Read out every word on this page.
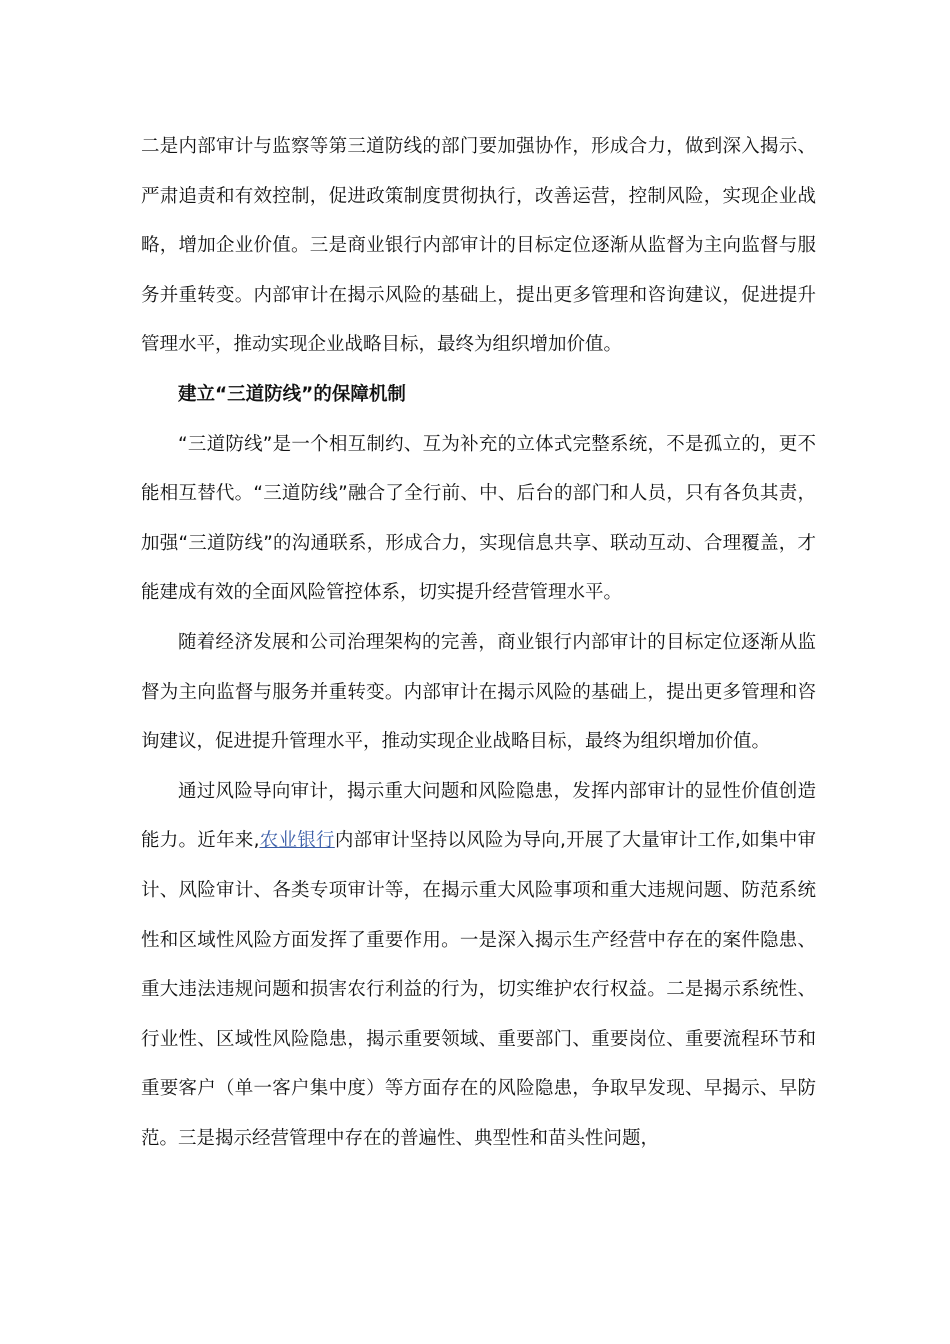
二是内部审计与监察等第三道防线的部门要加强协作，形成合力，做到深入揭示、严肃追责和有效控制，促进政策制度贯彻执行，改善运营，控制风险，实现企业战略，增加企业价值。三是商业银行内部审计的目标定位逐渐从监督为主向监督与服务并重转变。内部审计在揭示风险的基础上，提出更多管理和咨询建议，促进提升管理水平，推动实现企业战略目标，最终为组织增加价值。

建立“三道防线”的保障机制

“三道防线”是一个相互制约、互为补充的立体式完整系统，不是孤立的，更不能相互替代。“三道防线”融合了全行前、中、后台的部门和人员，只有各负其责，加强“三道防线”的沟通联系，形成合力，实现信息共享、联动互动、合理覆盖，才能建成有效的全面风险管控体系，切实提升经营管理水平。

随着经济发展和公司治理架构的完善，商业银行内部审计的目标定位逐渐从监督为主向监督与服务并重转变。内部审计在揭示风险的基础上，提出更多管理和咨询建议，促进提升管理水平，推动实现企业战略目标，最终为组织增加价值。

通过风险导向审计，揭示重大问题和风险隐患，发挥内部审计的显性价值创造能力。近年来,农业银行内部审计坚持以风险为导向,开展了大量审计工作,如集中审计、风险审计、各类专项审计等，在揭示重大风险事项和重大违规问题、防范系统性和区域性风险方面发挥了重要作用。一是深入揭示生产经营中存在的案件隐患、重大违法违规问题和损害农行利益的行为，切实维护农行权益。二是揭示系统性、行业性、区域性风险隐患，揭示重要领域、重要部门、重要岗位、重要流程环节和重要客户（单一客户集中度）等方面存在的风险隐患，争取早发现、早揭示、早防范。三是揭示经营管理中存在的普遍性、典型性和苗头性问题，
